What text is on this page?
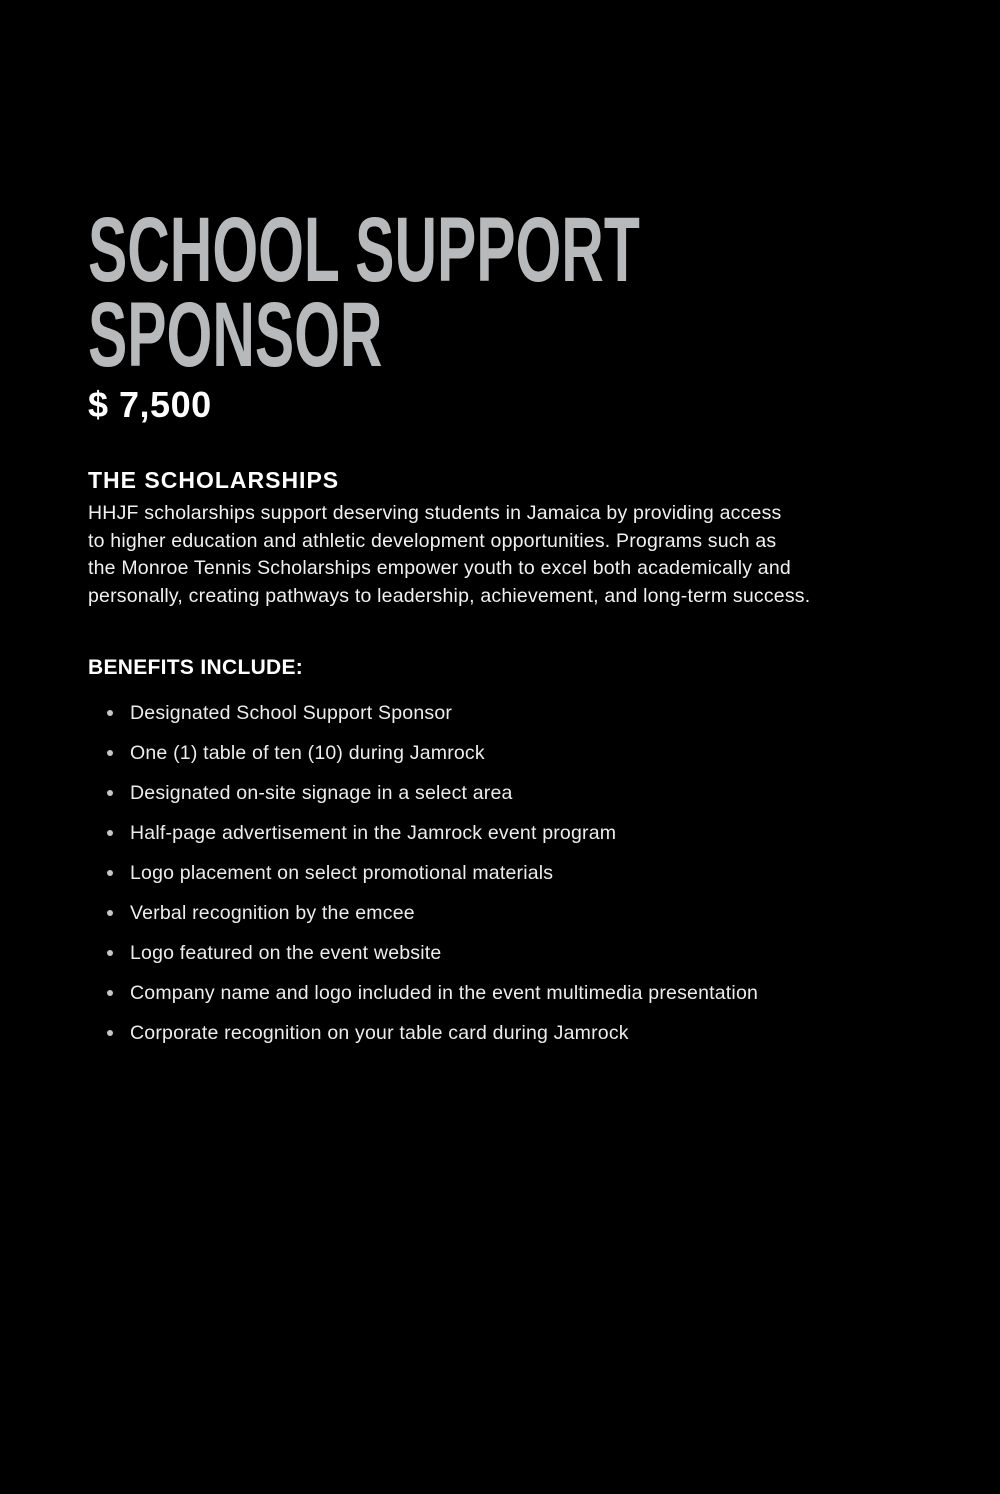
SCHOOL SUPPORT
SPONSOR
$ 7,500
THE SCHOLARSHIPS
HHJF scholarships support deserving students in Jamaica by providing access
to higher education and athletic development opportunities. Programs such as
the Monroe Tennis Scholarships empower youth to excel both academically and
personally, creating pathways to leadership, achievement, and long-term success.
BENEFITS INCLUDE:
Designated School Support Sponsor
One (1) table of ten (10) during Jamrock
Designated on-site signage in a select area
Half-page advertisement in the Jamrock event program
Logo placement on select promotional materials
Verbal recognition by the emcee
Logo featured on the event website
Company name and logo included in the event multimedia presentation
Corporate recognition on your table card during Jamrock
